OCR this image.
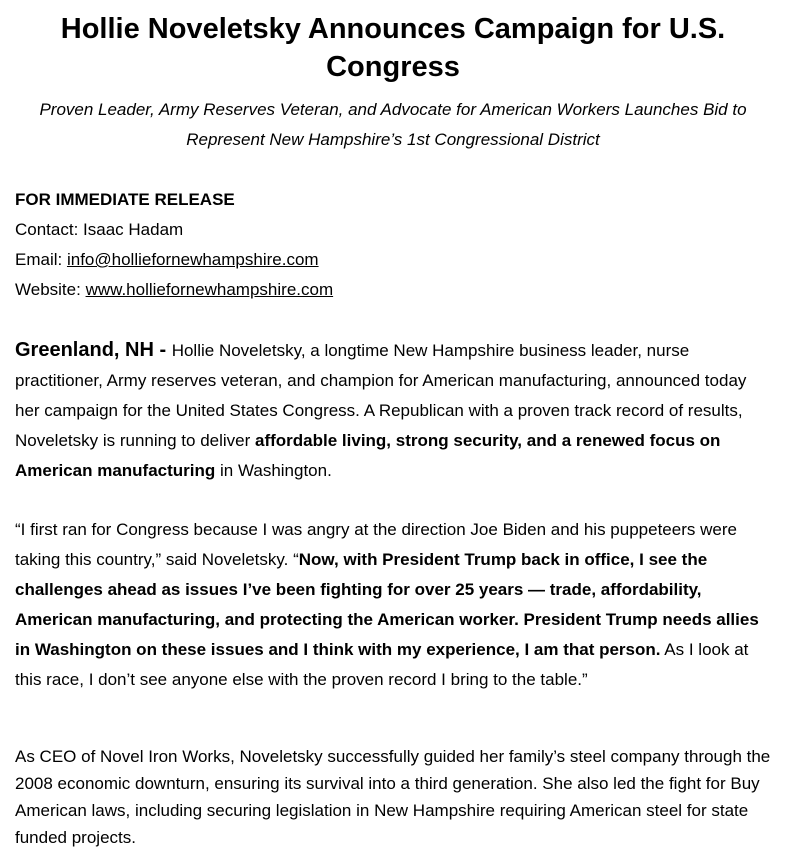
Hollie Noveletsky Announces Campaign for U.S. Congress
Proven Leader, Army Reserves Veteran, and Advocate for American Workers Launches Bid to Represent New Hampshire’s 1st Congressional District
FOR IMMEDIATE RELEASE
Contact: Isaac Hadam
Email: info@holliefornewhampshire.com
Website: www.holliefornewhampshire.com

Greenland, NH - Hollie Noveletsky, a longtime New Hampshire business leader, nurse practitioner, Army reserves veteran, and champion for American manufacturing, announced today her campaign for the United States Congress. A Republican with a proven track record of results, Noveletsky is running to deliver affordable living, strong security, and a renewed focus on American manufacturing in Washington.

“I first ran for Congress because I was angry at the direction Joe Biden and his puppeteers were taking this country,” said Noveletsky. “Now, with President Trump back in office, I see the challenges ahead as issues I’ve been fighting for over 25 years — trade, affordability, American manufacturing, and protecting the American worker. President Trump needs allies in Washington on these issues and I think with my experience, I am that person. As I look at this race, I don’t see anyone else with the proven record I bring to the table.”

As CEO of Novel Iron Works, Noveletsky successfully guided her family’s steel company through the 2008 economic downturn, ensuring its survival into a third generation. She also led the fight for Buy American laws, including securing legislation in New Hampshire requiring American steel for state funded projects.
